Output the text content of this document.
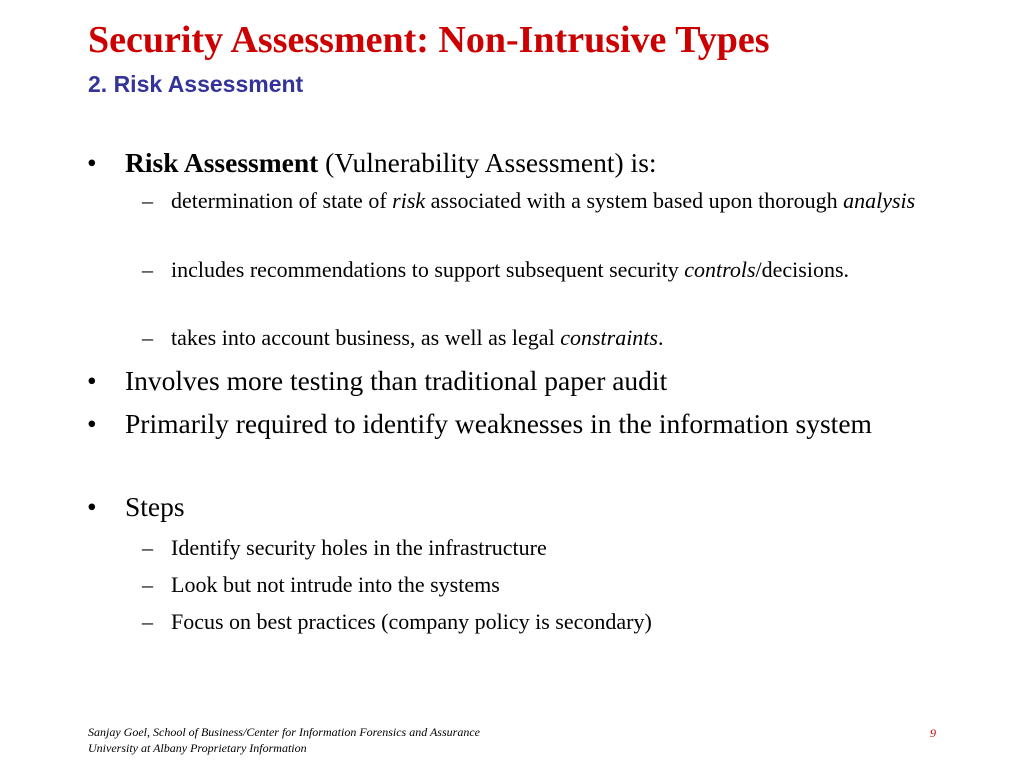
Security Assessment: Non-Intrusive Types
2. Risk Assessment
• Risk Assessment (Vulnerability Assessment) is:
– determination of state of risk associated with a system based upon thorough analysis
– includes recommendations to support subsequent security controls/decisions.
– takes into account business, as well as legal constraints.
• Involves more testing than traditional paper audit
• Primarily required to identify weaknesses in the information system
• Steps
– Identify security holes in the infrastructure
– Look but not intrude into the systems
– Focus on best practices (company policy is secondary)
Sanjay Goel, School of Business/Center for Information Forensics and Assurance
University at Albany Proprietary Information
9
